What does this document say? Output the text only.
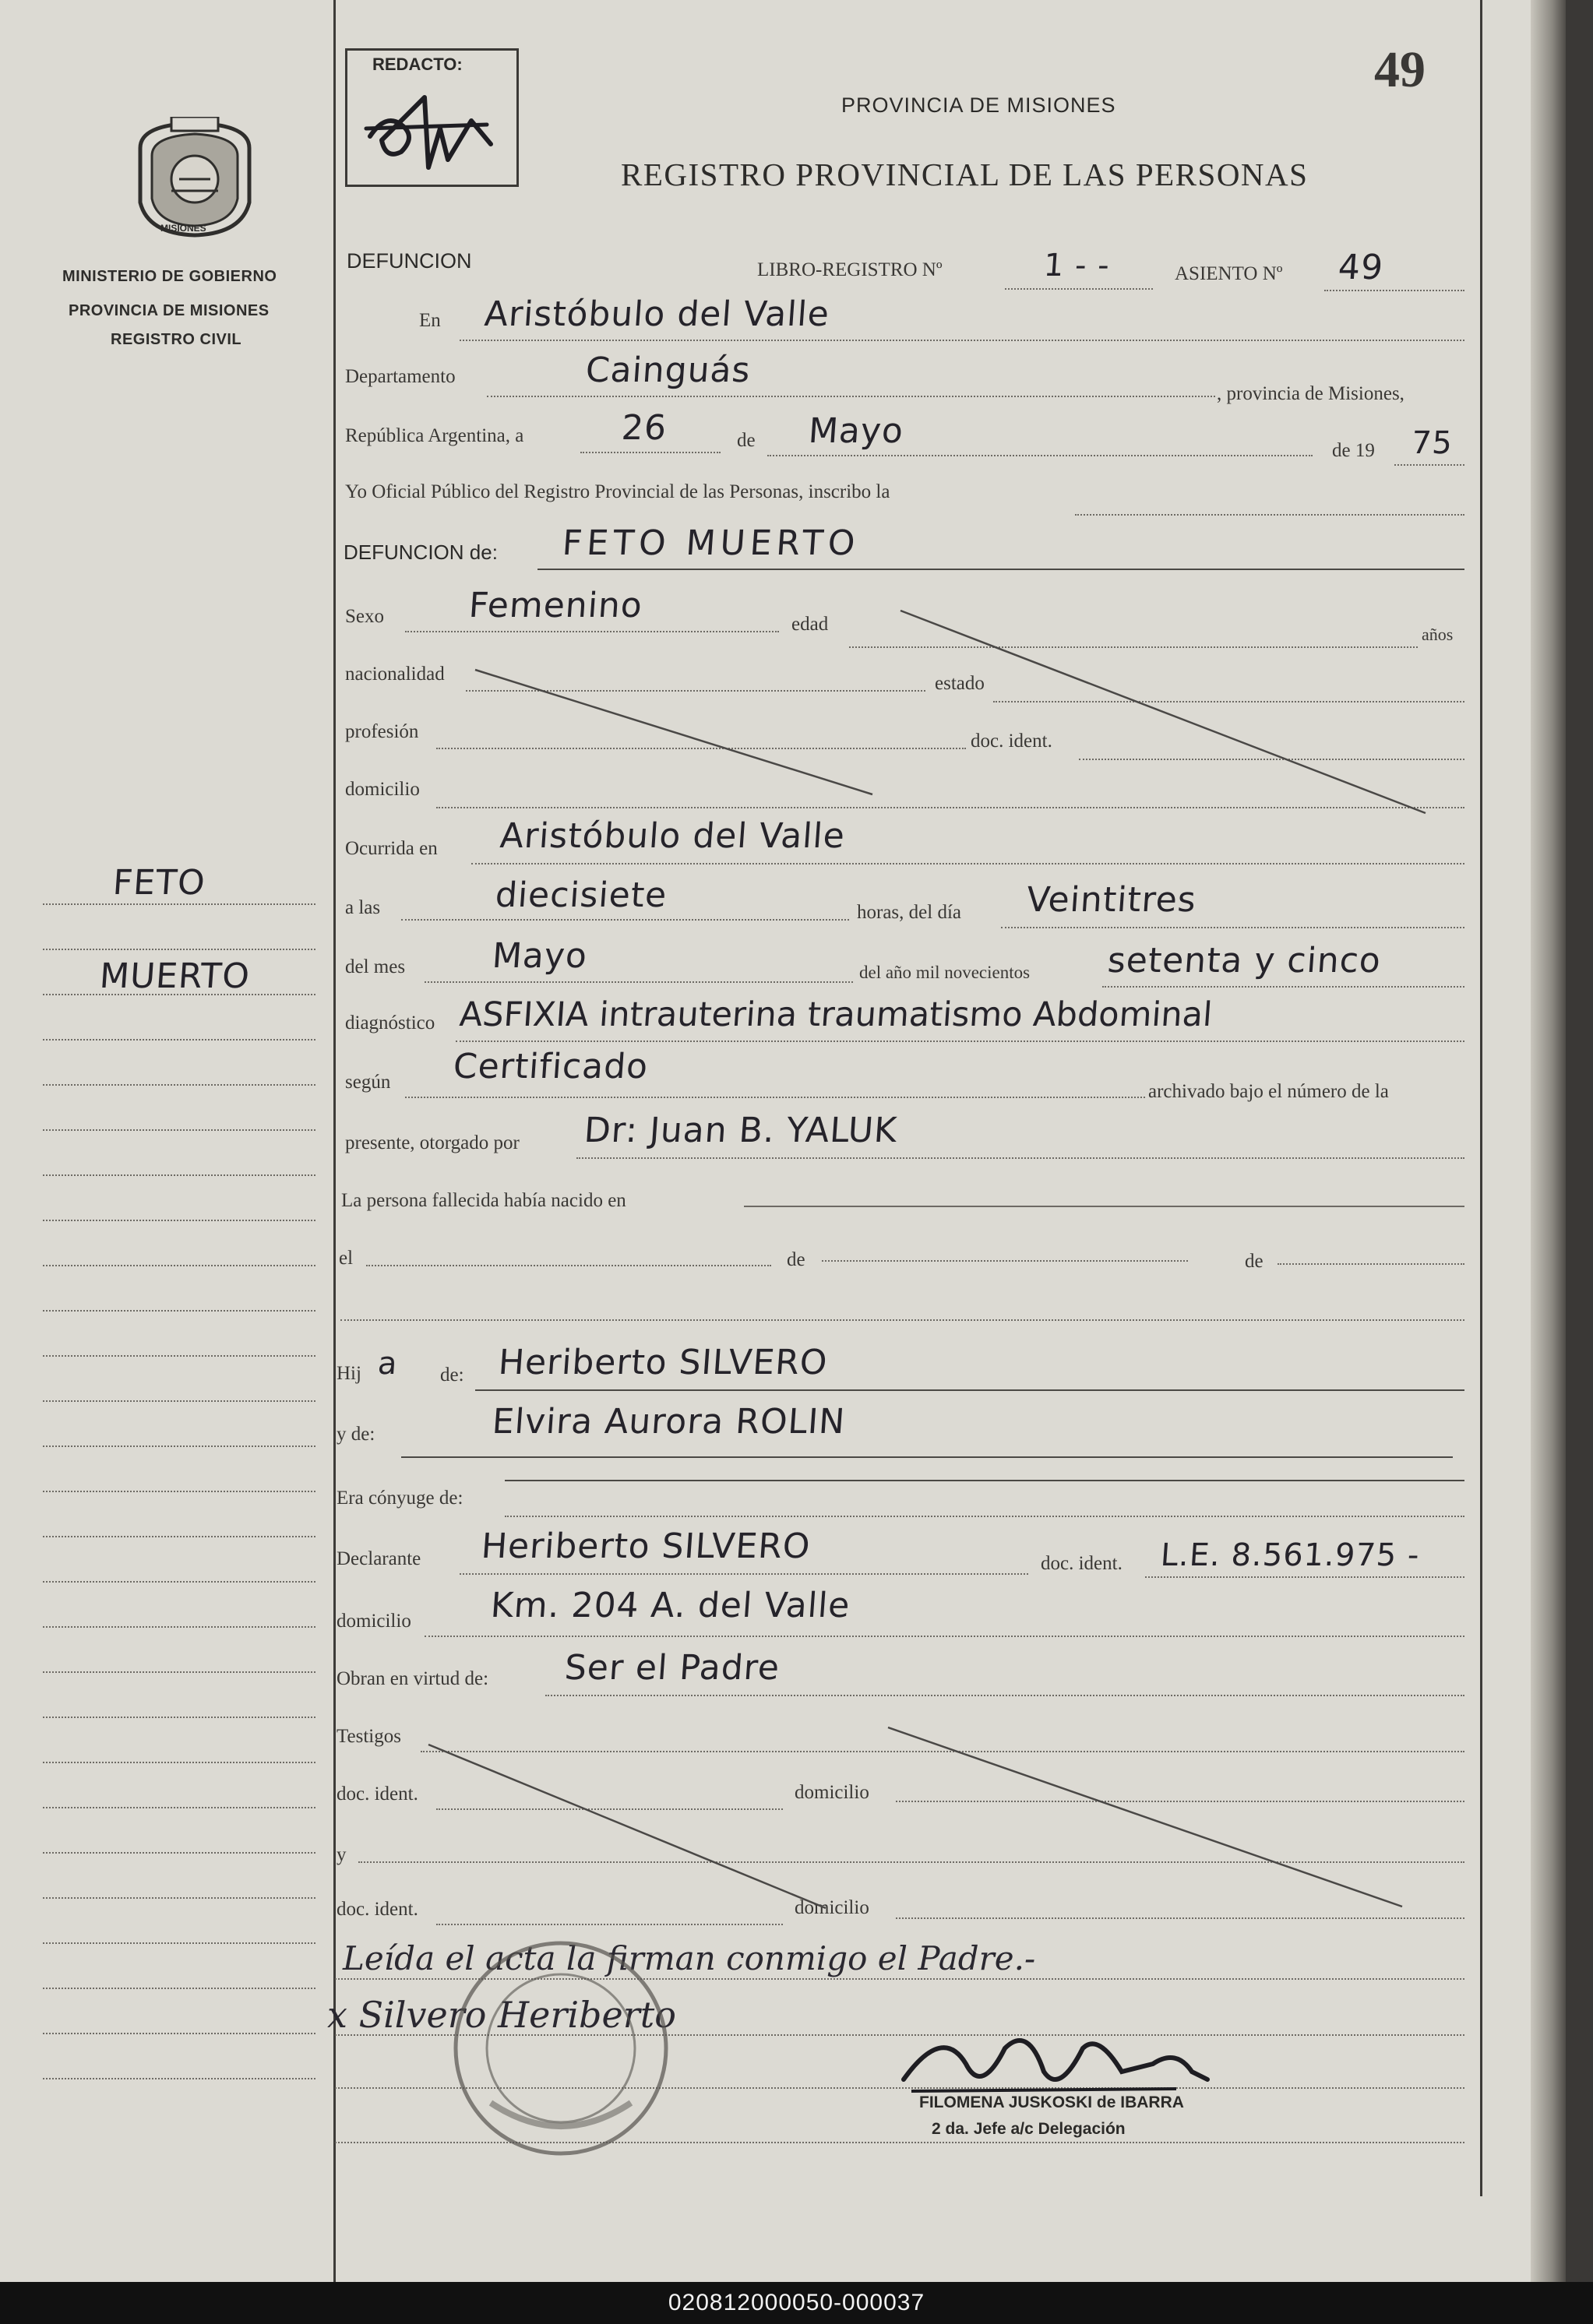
MISIONES
MINISTERIO DE GOBIERNO
PROVINCIA DE MISIONES
REGISTRO CIVIL
FETO
MUERTO
REDACTO:	49
PROVINCIA DE MISIONES
REGISTRO PROVINCIAL DE LAS PERSONAS
DEFUNCION	LIBRO-REGISTRO Nº	1 - -	ASIENTO Nº 49
En Aristóbulo del Valle
Departamento	Cainguás
, provincia de Misiones,
República Argentina, a	26	de Mayo	de 19 75
Yo Oficial Público del Registro Provincial de las Personas, inscribo la
DEFUNCION de: FETO MUERTO
Sexo Femenino	edad	años
nacionalidad	estado
profesión	doc. ident.
domicilio
Ocurrida en Aristóbulo del Valle
a las	diecisiete	horas, del día Veintitres
del mes	Mayo	del año mil novecientos setenta y cinco
diagnóstico ASFIXIA intrauterina traumatismo Abdominal
según Certificado
archivado bajo el número de la
presente, otorgado por Dr: Juan B. YALUK
La persona fallecida había nacido en
el	de	de
Hij a de: Heriberto SILVERO
y de:	Elvira Aurora ROLIN
Era cónyuge de:
Declarante Heriberto SILVERO	doc. ident. L.E. 8.561.975 -
domicilio Km. 204 A. del Valle
Obran en virtud de: Ser el Padre
Testigos
doc. ident.	domicilio
y
doc. ident.	domicilio
Leída el acta la firman conmigo el Padre.-
x Silvero Heriberto
FILOMENA JUSKOSKI de IBARRA
2 da. Jefe a/c Delegación
020812000050-000037
